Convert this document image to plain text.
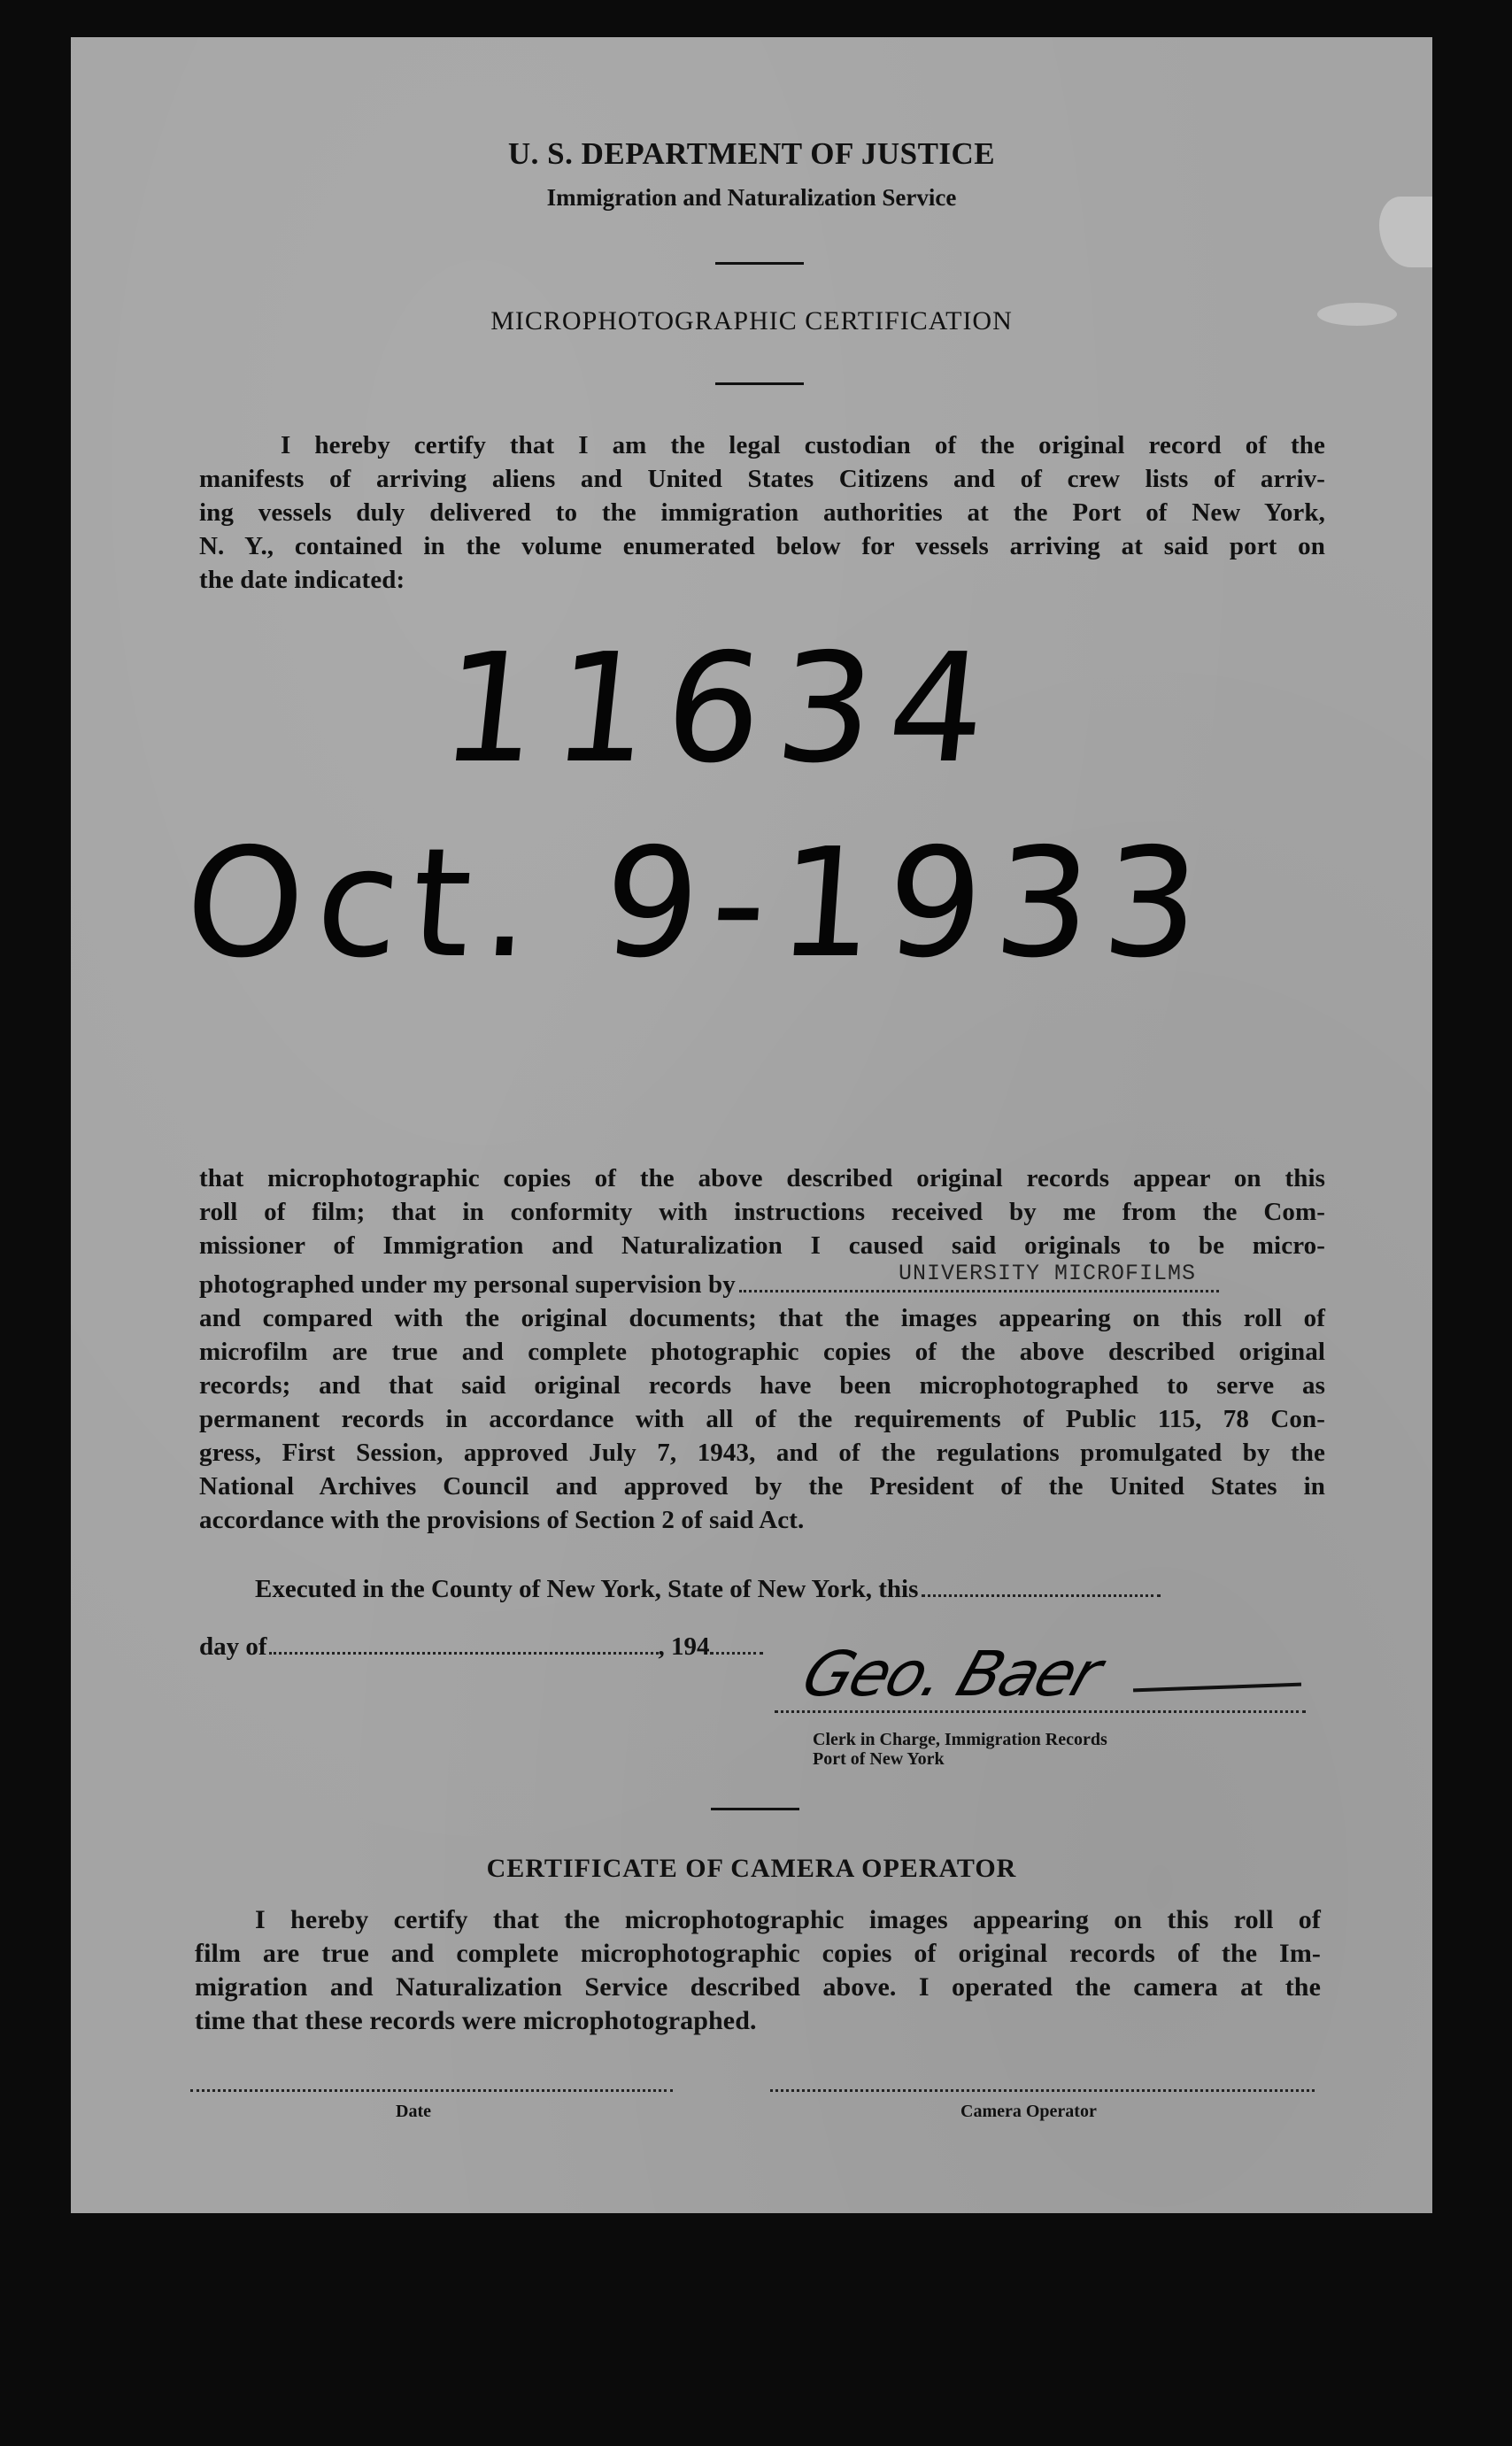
U. S. DEPARTMENT OF JUSTICE
Immigration and Naturalization Service
MICROPHOTOGRAPHIC CERTIFICATION
I hereby certify that I am the legal custodian of the original record of the
manifests of arriving aliens and United States Citizens and of crew lists of arriv-
ing vessels duly delivered to the immigration authorities at the Port of New York,
N. Y., contained in the volume enumerated below for vessels arriving at said port on
the date indicated:
11634
Oct. 9-1933
that microphotographic copies of the above described original records appear on this
roll of film; that in conformity with instructions received by me from the Com-
missioner of Immigration and Naturalization I caused said originals to be micro-
photographed under my personal supervision by
and compared with the original documents; that the images appearing on this roll of
microfilm are true and complete photographic copies of the above described original
records; and that said original records have been microphotographed to serve as
permanent records in accordance with all of the requirements of Public 115, 78 Con-
gress, First Session, approved July 7, 1943, and of the regulations promulgated by the
National Archives Council and approved by the President of the United States in
accordance with the provisions of Section 2 of said Act.
UNIVERSITY MICROFILMS
Executed in the County of New York, State of New York, this
day of	, 194	Geo. Baer
Clerk in Charge, Immigration Records
Port of New York
CERTIFICATE OF CAMERA OPERATOR
I hereby certify that the microphotographic images appearing on this roll of
film are true and complete microphotographic copies of original records of the Im-
migration and Naturalization Service described above. I operated the camera at the
time that these records were microphotographed.
Date	Camera Operator
